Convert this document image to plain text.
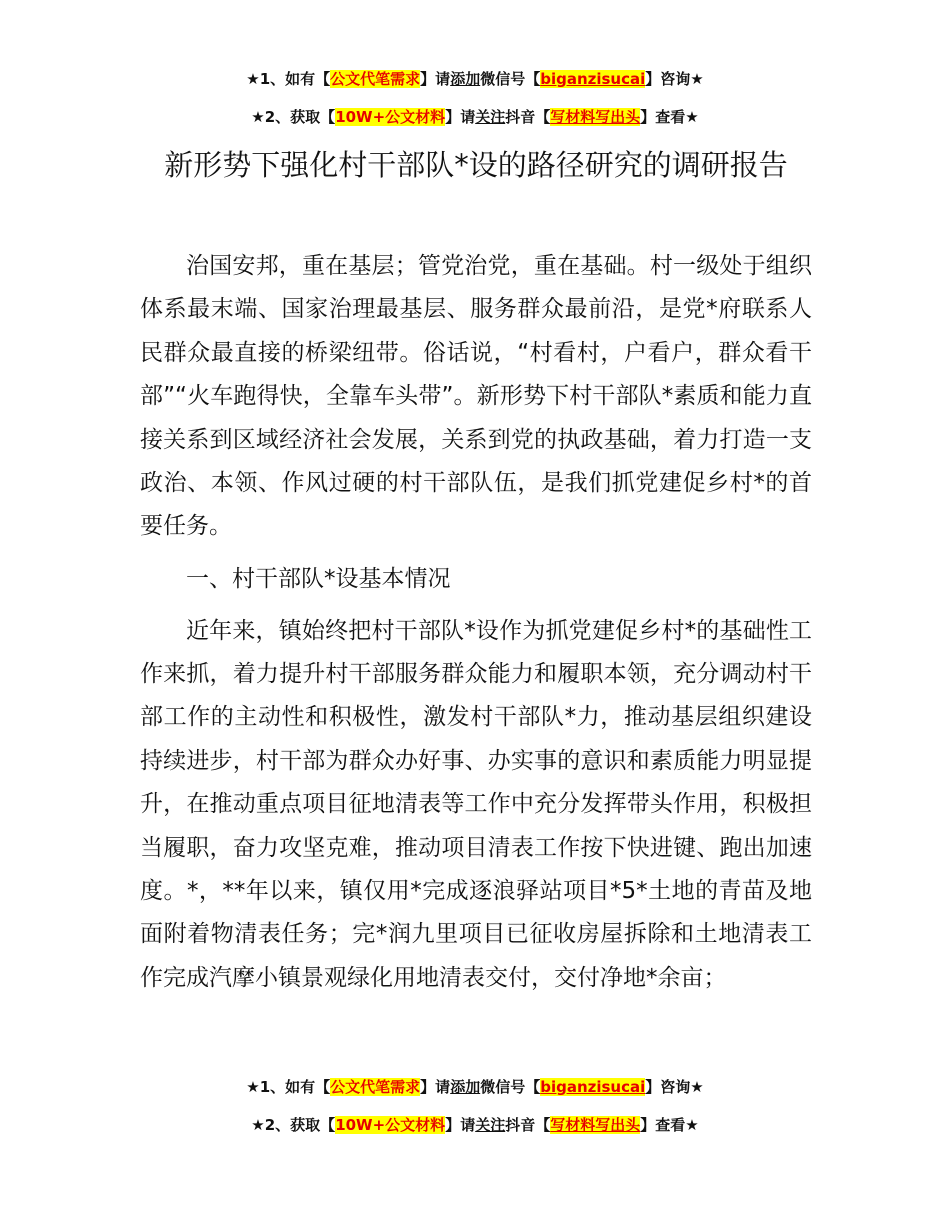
★1、如有【公文代笔需求】请添加微信号【biganzisucai】咨询★
★2、获取【10W+公文材料】请关注抖音【写材料写出头】查看★
新形势下强化村干部队*设的路径研究的调研报告

治国安邦，重在基层；管党治党，重在基础。村一级处于组织体系最末端、国家治理最基层、服务群众最前沿，是党*府联系人民群众最直接的桥梁纽带。俗话说，“村看村，户看户，群众看干部”“火车跑得快，全靠车头带”。新形势下村干部队*素质和能力直接关系到区域经济社会发展，关系到党的执政基础，着力打造一支政治、本领、作风过硬的村干部队伍，是我们抓党建促乡村*的首要任务。

一、村干部队*设基本情况

近年来，镇始终把村干部队*设作为抓党建促乡村*的基础性工作来抓，着力提升村干部服务群众能力和履职本领，充分调动村干部工作的主动性和积极性，激发村干部队*力，推动基层组织建设持续进步，村干部为群众办好事、办实事的意识和素质能力明显提升，在推动重点项目征地清表等工作中充分发挥带头作用，积极担当履职，奋力攻坚克难，推动项目清表工作按下快进键、跑出加速度。*，**年以来，镇仅用*完成逐浪驿站项目*5*土地的青苗及地面附着物清表任务；完*润九里项目已征收房屋拆除和土地清表工作完成汽摩小镇景观绿化用地清表交付，交付净地*余亩；

★1、如有【公文代笔需求】请添加微信号【biganzisucai】咨询★
★2、获取【10W+公文材料】请关注抖音【写材料写出头】查看★
